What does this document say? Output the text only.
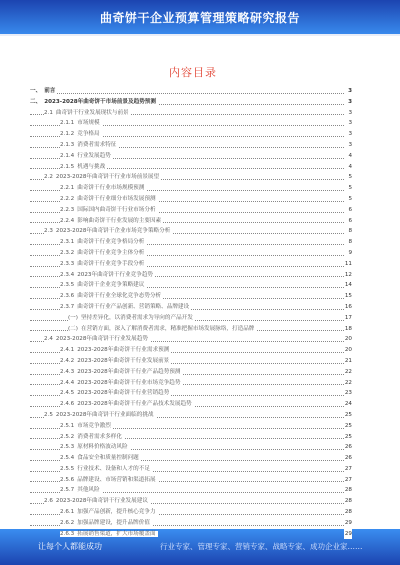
曲奇饼干企业预算管理策略研究报告
内容目录
一、 前言	3
二、 2023-2028年曲奇饼干市场前景及趋势预测	3
2.1 曲奇饼干行业发展现状与前景	3
2.1.1 市场规模	3
2.1.2 竞争格局	3
2.1.3 消费者需求特征	3
2.1.4 行业发展趋势	4
2.1.5 机遇与挑战	4
2.2 2023-2028年曲奇饼干行业市场前景展望	5
2.2.1 曲奇饼干行业市场规模预测	5
2.2.2 曲奇饼干行业细分市场发展预测	5
2.2.3 国际国内曲奇饼干行业市场分析	6
2.2.4 影响曲奇饼干行业发展的主要因素	6
2.3 2023-2028年曲奇饼干企业市场竞争策略分析	8
2.3.1 曲奇饼干行业竞争格局分析	8
2.3.2 曲奇饼干行业竞争主体分析	9
2.3.3 曲奇饼干行业竞争手段分析	11
2.3.4 2023年曲奇饼干行业竞争趋势	12
2.3.5 曲奇饼干企业竞争策略建议	14
2.3.6 曲奇饼干行业全球化竞争态势分析	15
2.3.7 曲奇饼干行业产品创新、营销策略、品牌建设	16
(一) 坚持差异化，以消费者需求为导向的产品开发	17
(二) 在营销方面，深入了解消费者需求，精准把握市场发展脉络，打造品牌	18
2.4 2023-2028年曲奇饼干行业发展趋势	20
2.4.1 2023-2028年曲奇饼干行业需求预测	20
2.4.2 2023-2028年曲奇饼干行业发展前景	21
2.4.3 2023-2028年曲奇饼干行业产品趋势预测	22
2.4.4 2023-2028年曲奇饼干行业市场竞争趋势	22
2.4.5 2023-2028年曲奇饼干行业营销趋势	23
2.4.6 2023-2028年曲奇饼干行业产品技术发展趋势	24
2.5 2023-2028年曲奇饼干行业面临的挑战	25
2.5.1 市场竞争激烈	25
2.5.2 消费者需求多样化	25
2.5.3 原材料价格波动风险	26
2.5.4 食品安全和质量控制问题	26
2.5.5 行业技术、设备和人才的不足	27
2.5.6 品牌建设、市场营销和渠道拓展	27
2.5.7 其他风险	28
2.6 2023-2028年曲奇饼干行业发展建议	28
2.6.1 加强产品创新，提升核心竞争力	28
2.6.2 加强品牌建设，提升品牌价值	29
2.6.3 拓展销售渠道，扩大市场覆盖面	29
让每个人都能成功	行业专家、管理专家、营销专家、战略专家、成功企业家……
